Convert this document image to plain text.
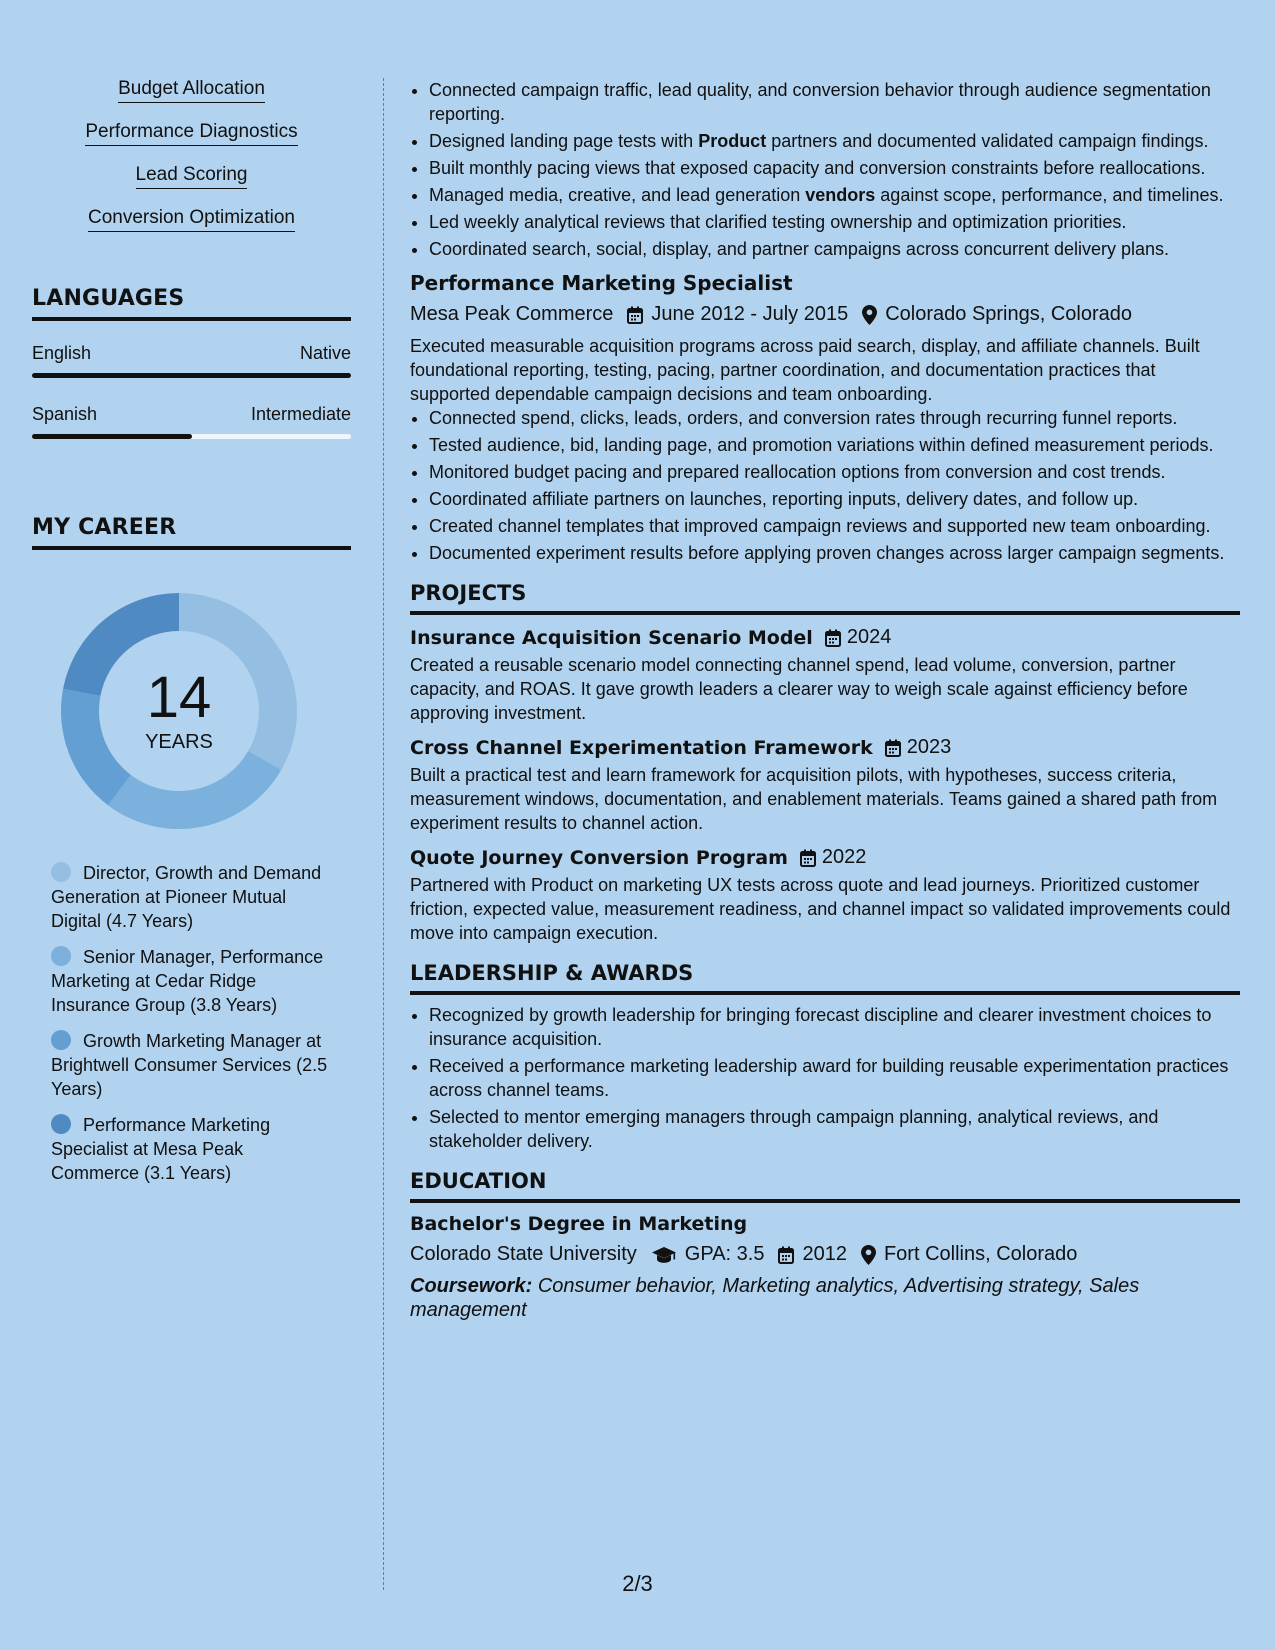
Budget Allocation
Performance Diagnostics
Lead Scoring
Conversion Optimization
LANGUAGES
English	Native
Spanish	Intermediate
MY CAREER
14
YEARS
Director, Growth and Demand Generation at Pioneer Mutual Digital (4.7 Years)
Senior Manager, Performance Marketing at Cedar Ridge Insurance Group (3.8 Years)
Growth Marketing Manager at Brightwell Consumer Services (2.5 Years)
Performance Marketing Specialist at Mesa Peak Commerce (3.1 Years)
• Connected campaign traffic, lead quality, and conversion behavior through audience segmentation reporting.
• Designed landing page tests with Product partners and documented validated campaign findings.
• Built monthly pacing views that exposed capacity and conversion constraints before reallocations.
• Managed media, creative, and lead generation vendors against scope, performance, and timelines.
• Led weekly analytical reviews that clarified testing ownership and optimization priorities.
• Coordinated search, social, display, and partner campaigns across concurrent delivery plans.
Performance Marketing Specialist
Mesa Peak Commerce June 2012 - July 2015 Colorado Springs, Colorado
Executed measurable acquisition programs across paid search, display, and affiliate channels. Built foundational reporting, testing, pacing, partner coordination, and documentation practices that supported dependable campaign decisions and team onboarding.
• Connected spend, clicks, leads, orders, and conversion rates through recurring funnel reports.
• Tested audience, bid, landing page, and promotion variations within defined measurement periods.
• Monitored budget pacing and prepared reallocation options from conversion and cost trends.
• Coordinated affiliate partners on launches, reporting inputs, delivery dates, and follow up.
• Created channel templates that improved campaign reviews and supported new team onboarding.
• Documented experiment results before applying proven changes across larger campaign segments.
PROJECTS
Insurance Acquisition Scenario Model 2024
Created a reusable scenario model connecting channel spend, lead volume, conversion, partner capacity, and ROAS. It gave growth leaders a clearer way to weigh scale against efficiency before approving investment.
Cross Channel Experimentation Framework 2023
Built a practical test and learn framework for acquisition pilots, with hypotheses, success criteria, measurement windows, documentation, and enablement materials. Teams gained a shared path from experiment results to channel action.
Quote Journey Conversion Program 2022
Partnered with Product on marketing UX tests across quote and lead journeys. Prioritized customer friction, expected value, measurement readiness, and channel impact so validated improvements could move into campaign execution.
LEADERSHIP & AWARDS
• Recognized by growth leadership for bringing forecast discipline and clearer investment choices to insurance acquisition.
• Received a performance marketing leadership award for building reusable experimentation practices across channel teams.
• Selected to mentor emerging managers through campaign planning, analytical reviews, and stakeholder delivery.
EDUCATION
Bachelor's Degree in Marketing
Colorado State University GPA: 3.5 2012 Fort Collins, Colorado
Coursework: Consumer behavior, Marketing analytics, Advertising strategy, Sales management
2/3
